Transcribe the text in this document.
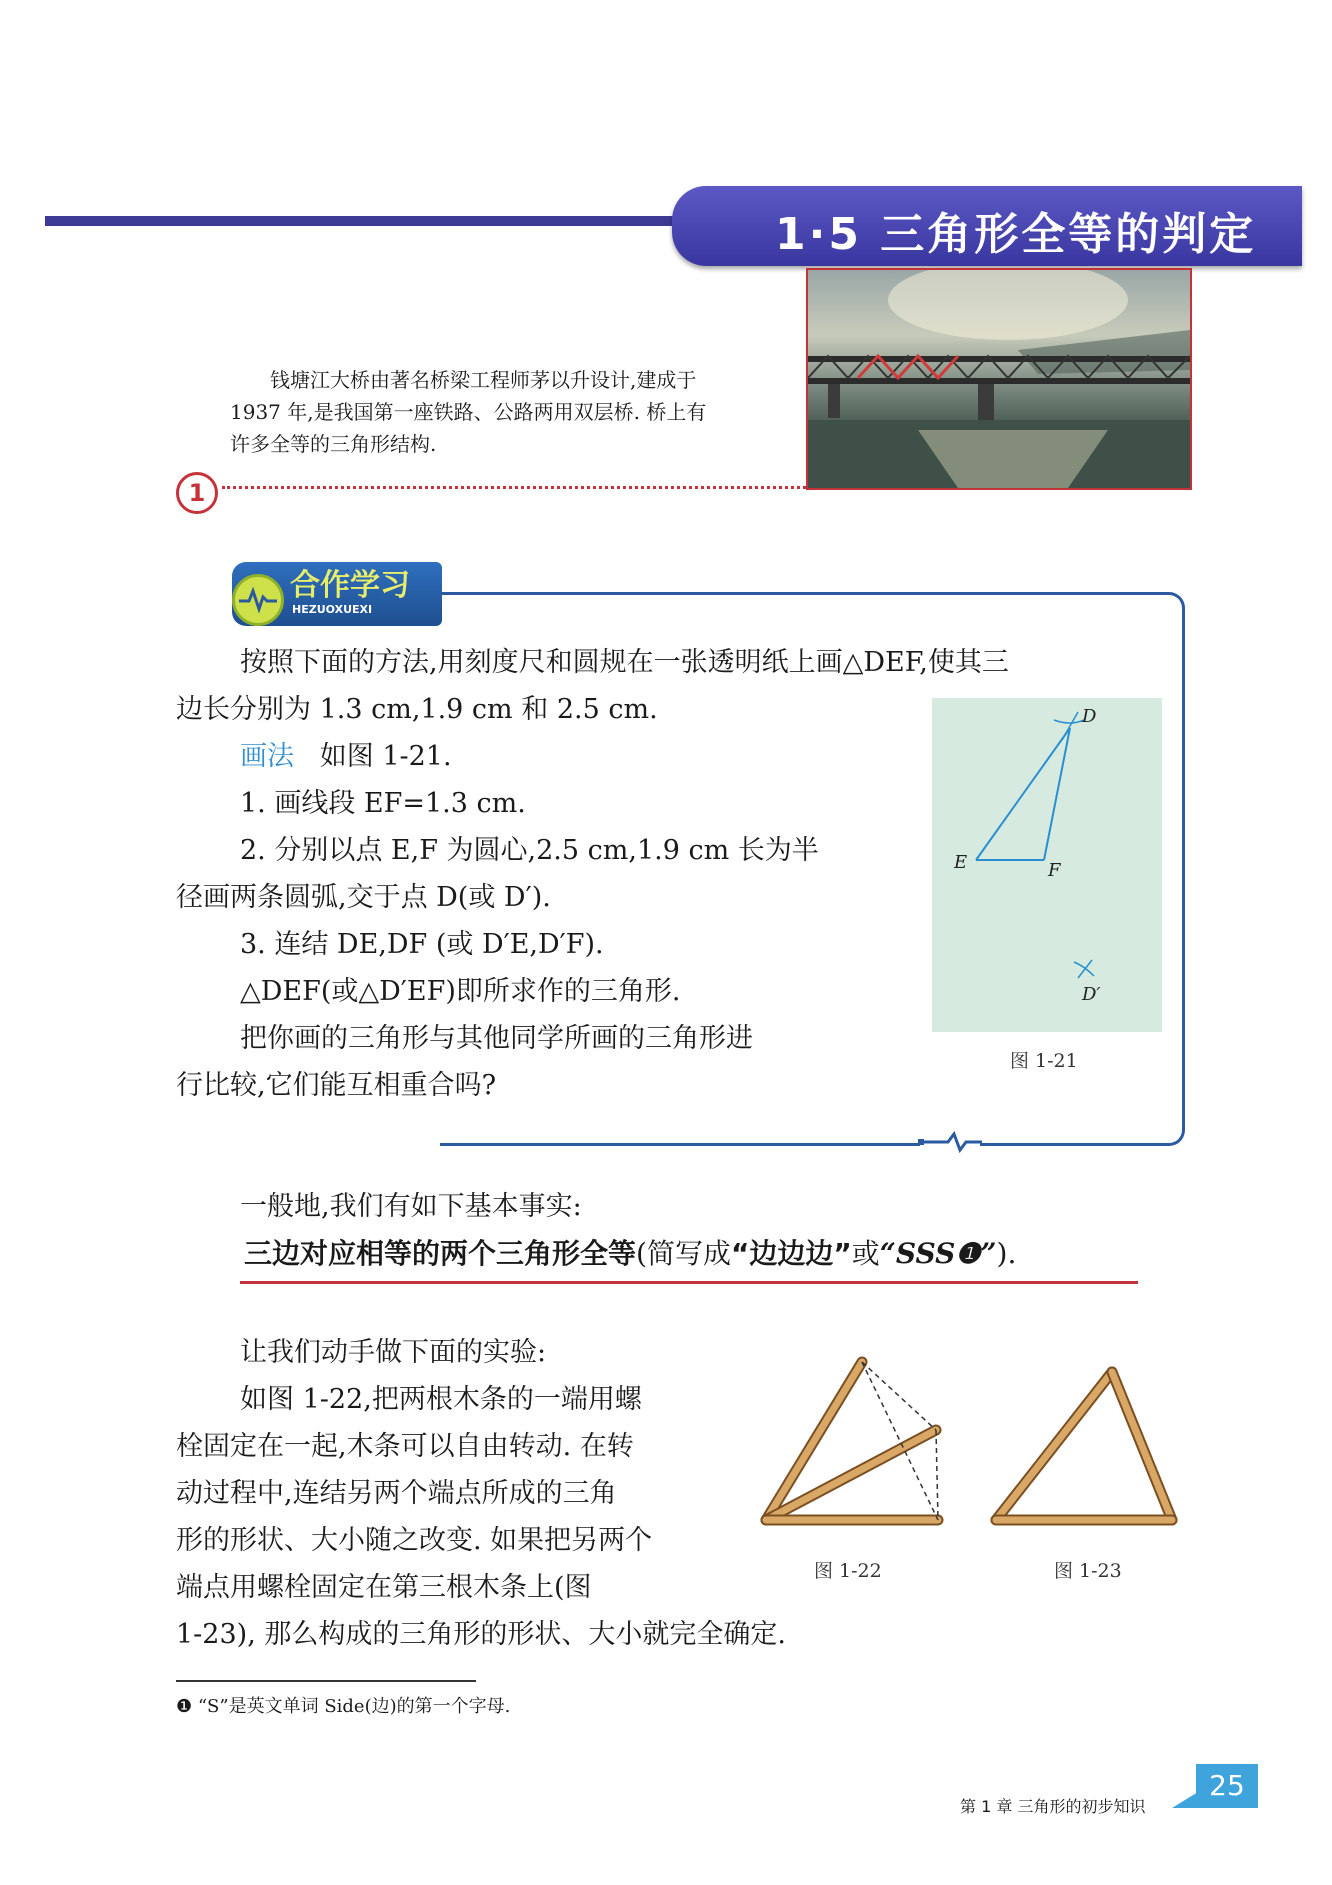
1·5 三角形全等的判定

钱塘江大桥由著名桥梁工程师茅以升设计,建成于

1937 年,是我国第一座铁路、公路两用双层桥. 桥上有
许多全等的三角形结构.
1
合作学习
HEZUOXUEXI
按照下面的方法,用刻度尺和圆规在一张透明纸上画△DEF,使其三
边长分别为 1.3 cm,1.9 cm 和 2.5 cm.
画法 如图 1-21.
1. 画线段 EF=1.3 cm.
2. 分别以点 E,F 为圆心,2.5 cm,1.9 cm 长为半
径画两条圆弧,交于点 D(或 D′).
3. 连结 DE,DF (或 D′E,D′F).
△DEF(或△D′EF)即所求作的三角形.
把你画的三角形与其他同学所画的三角形进
行比较,它们能互相重合吗?
D
E	F
D′
图 1-21
一般地,我们有如下基本事实:
三边对应相等的两个三角形全等(简写成“边边边”或“SSS❶”).
让我们动手做下面的实验:
如图 1-22,把两根木条的一端用螺
栓固定在一起,木条可以自由转动. 在转
动过程中,连结另两个端点所成的三角
形的形状、大小随之改变. 如果把另两个
端点用螺栓固定在第三根木条上(图
1-23), 那么构成的三角形的形状、大小就完全确定.
图 1-22	图 1-23
❶ “S”是英文单词 Side(边)的第一个字母.
第 1 章 三角形的初步知识
25
